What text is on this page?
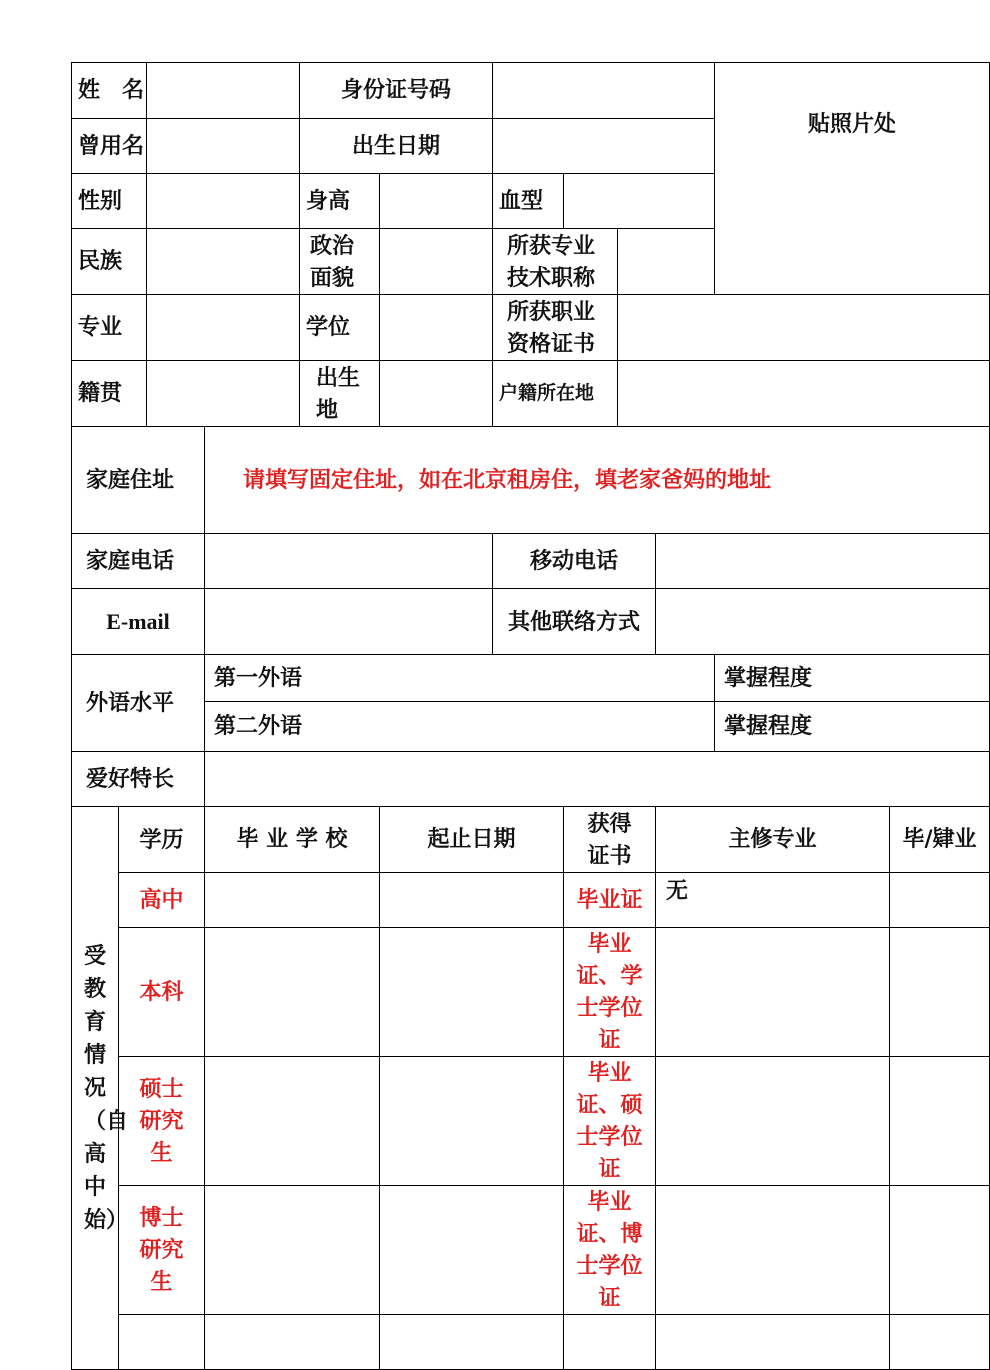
姓　名				身份证号码						贴照片处	
曾用名				出生日期							
性别				身高		血型					
民族				政治面貌		所获专业技术职称					
专业				学位		所获职业资格证书					
籍贯				出生地		户籍所在地					
家庭住址			请填写固定住址，如在北京租房住，填老家爸妈的地址								
家庭电话						移动电话					
E-mail						其他联络方式					
外语水平			第一外语							掌握程度	
			第二外语							掌握程度	
爱好特长											

受教育情况（自高中始）	学历		毕 业 学 校		起止日期		获得证书		主修专业		毕/肄业
	高中						毕业证		无		
	本科						毕业证、学士学位证				
	硕士研究生						毕业证、硕士学位证				
	博士研究生						毕业证、博士学位证				
